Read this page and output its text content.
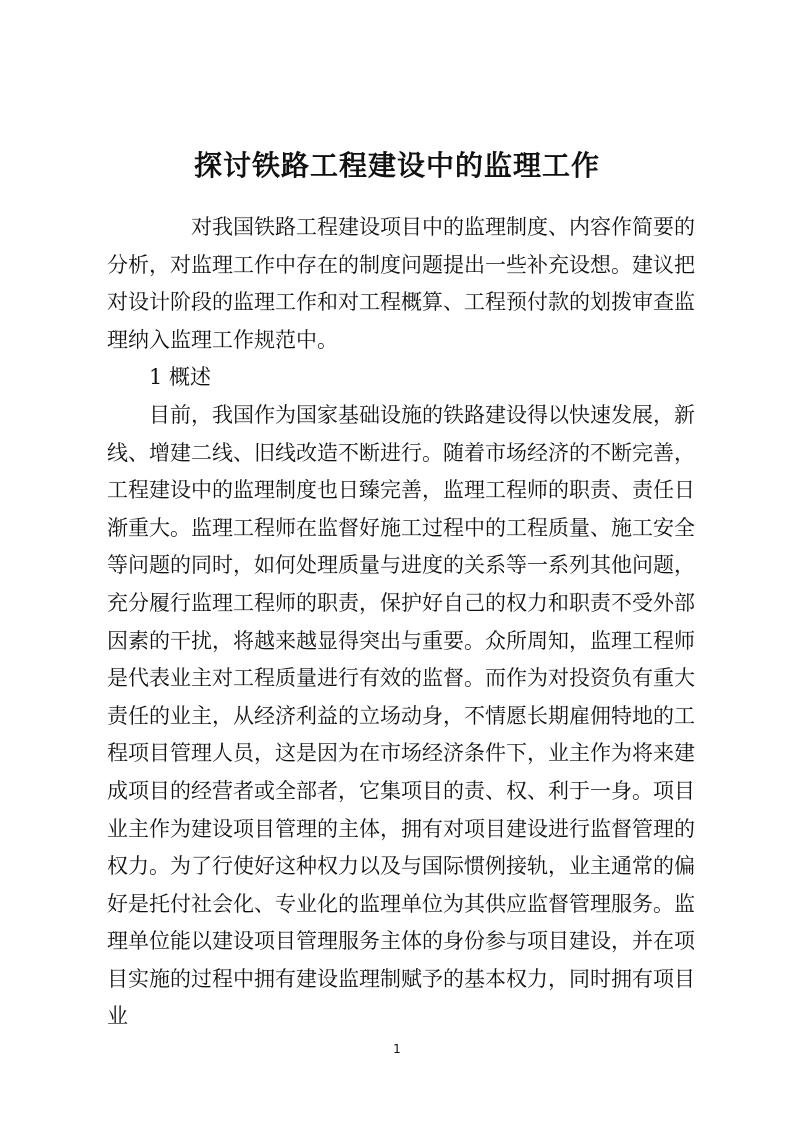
探讨铁路工程建设中的监理工作

对我国铁路工程建设项目中的监理制度、内容作简要的分析，对监理工作中存在的制度问题提出一些补充设想。建议把对设计阶段的监理工作和对工程概算、工程预付款的划拨审查监理纳入监理工作规范中。

1 概述

目前，我国作为国家基础设施的铁路建设得以快速发展，新线、增建二线、旧线改造不断进行。随着市场经济的不断完善，工程建设中的监理制度也日臻完善，监理工程师的职责、责任日渐重大。监理工程师在监督好施工过程中的工程质量、施工安全等问题的同时，如何处理质量与进度的关系等一系列其他问题，充分履行监理工程师的职责，保护好自己的权力和职责不受外部因素的干扰，将越来越显得突出与重要。众所周知，监理工程师是代表业主对工程质量进行有效的监督。而作为对投资负有重大责任的业主，从经济利益的立场动身，不情愿长期雇佣特地的工程项目管理人员，这是因为在市场经济条件下，业主作为将来建成项目的经营者或全部者，它集项目的责、权、利于一身。项目业主作为建设项目管理的主体，拥有对项目建设进行监督管理的权力。为了行使好这种权力以及与国际惯例接轨，业主通常的偏好是托付社会化、专业化的监理单位为其供应监督管理服务。监理单位能以建设项目管理服务主体的身份参与项目建设，并在项目实施的过程中拥有建设监理制赋予的基本权力，同时拥有项目业

1
